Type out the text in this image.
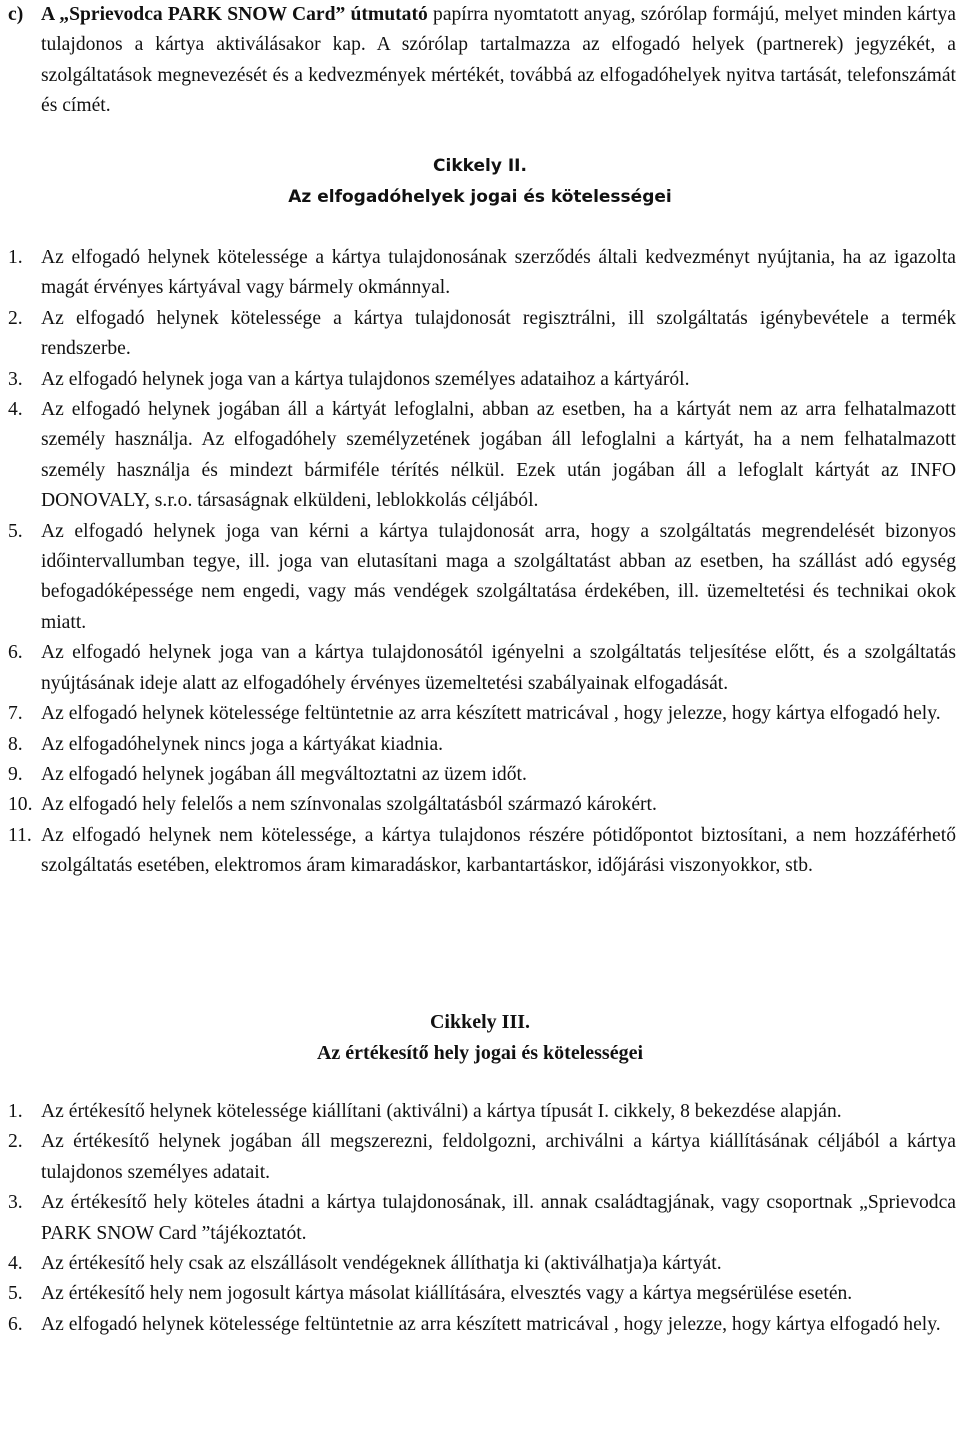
c) A „Sprievodca PARK SNOW Card” útmutató papírra nyomtatott anyag, szórólap formájú, melyet minden kártya tulajdonos a kártya aktiválásakor kap. A szórólap tartalmazza az elfogadó helyek (partnerek) jegyzékét, a szolgáltatások megnevezését és a kedvezmények mértékét, továbbá az elfogadóhelyek nyitva tartását, telefonszámát és címét.
Cikkely II.
Az elfogadóhelyek jogai és kötelességei
1. Az elfogadó helynek kötelessége a kártya tulajdonosának szerződés általi kedvezményt nyújtania, ha az igazolta magát érvényes kártyával vagy bármely okmánnyal.
2. Az elfogadó helynek kötelessége a kártya tulajdonosát regisztrálni, ill szolgáltatás igénybevétele a termék rendszerbe.
3. Az elfogadó helynek joga van a kártya tulajdonos személyes adataihoz a kártyáról.
4. Az elfogadó helynek jogában áll a kártyát lefoglalni, abban az esetben, ha a kártyát nem az arra felhatalmazott személy használja. Az elfogadóhely személyzetének jogában áll lefoglalni a kártyát, ha a nem felhatalmazott személy használja és mindezt bármiféle térítés nélkül. Ezek után jogában áll a lefoglalt kártyát az INFO DONOVALY, s.r.o. társaságnak elküldeni, leblokkolás céljából.
5. Az elfogadó helynek joga van kérni a kártya tulajdonosát arra, hogy a szolgáltatás megrendelését bizonyos időintervallumban tegye, ill. joga van elutasítani maga a szolgáltatást abban az esetben, ha szállást adó egység befogadóképessége nem engedi, vagy más vendégek szolgáltatása érdekében, ill. üzemeltetési és technikai okok miatt.
6. Az elfogadó helynek joga van a kártya tulajdonosától igényelni a szolgáltatás teljesítése előtt, és a szolgáltatás nyújtásának ideje alatt az elfogadóhely érvényes üzemeltetési szabályainak elfogadását.
7. Az elfogadó helynek kötelessége feltüntetnie az arra készített matricával , hogy jelezze, hogy kártya elfogadó hely.
8. Az elfogadóhelynek nincs joga a kártyákat kiadnia.
9. Az elfogadó helynek jogában áll megváltoztatni az üzem időt.
10. Az elfogadó hely felelős a nem színvonalas szolgáltatásból származó károkért.
11. Az elfogadó helynek nem kötelessége, a kártya tulajdonos részére pótidőpontot biztosítani, a nem hozzáférhető szolgáltatás esetében, elektromos áram kimaradáskor, karbantartáskor, időjárási viszonyokkor, stb.
Cikkely III.
Az értékesítő hely jogai és kötelességei
1. Az értékesítő helynek kötelessége kiállítani (aktiválni) a kártya típusát I. cikkely, 8 bekezdése alapján.
2. Az értékesítő helynek jogában áll megszerezni, feldolgozni, archiválni a kártya kiállításának céljából a kártya tulajdonos személyes adatait.
3. Az értékesítő hely köteles átadni a kártya tulajdonosának, ill. annak családtagjának, vagy csoportnak „Sprievodca PARK SNOW Card ”tájékoztatót.
4. Az értékesítő hely csak az elszállásolt vendégeknek állíthatja ki (aktiválhatja)a kártyát.
5. Az értékesítő hely nem jogosult kártya másolat kiállítására, elvesztés vagy a kártya megsérülése esetén.
6. Az elfogadó helynek kötelessége feltüntetnie az arra készített matricával , hogy jelezze, hogy kártya elfogadó hely.
